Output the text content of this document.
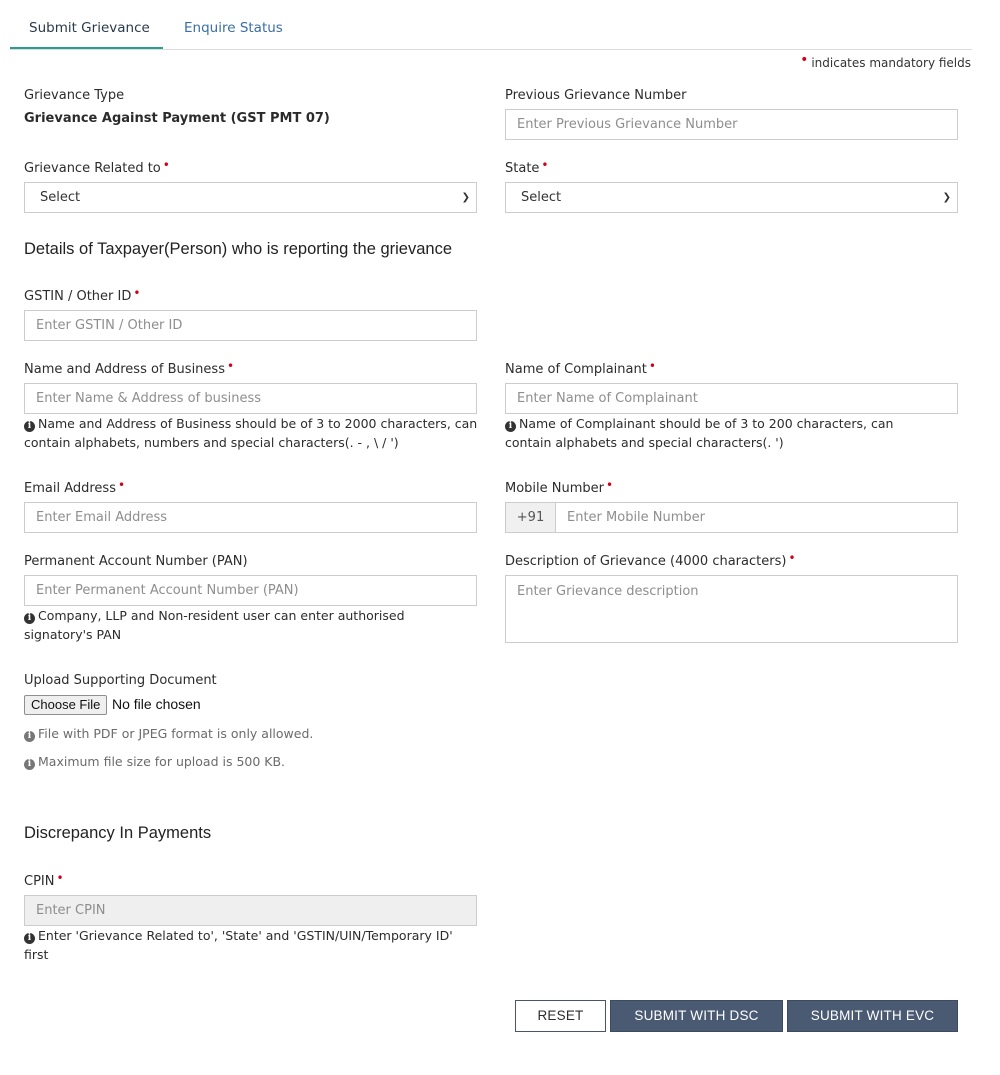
Submit Grievance	Enquire Status
• indicates mandatory fields
Grievance Type
Grievance Against Payment (GST PMT 07)
Previous Grievance Number
Enter Previous Grievance Number
Grievance Related to •
Select	❯
State •
Select	❯
Details of Taxpayer(Person) who is reporting the grievance
GSTIN / Other ID •
Enter GSTIN / Other ID
Name and Address of Business •
Enter Name & Address of business
i Name and Address of Business should be of 3 to 2000 characters, can contain alphabets, numbers and special characters(. - , \ / ')
Name of Complainant •
Enter Name of Complainant
i Name of Complainant should be of 3 to 200 characters, can contain alphabets and special characters(. ')
Email Address •
Enter Email Address	Mobile Number •
+91
Enter Mobile Number
Permanent Account Number (PAN)
Enter Permanent Account Number (PAN)
i Company, LLP and Non-resident user can enter authorised signatory's PAN
Description of Grievance (4000 characters) •
Enter Grievance description
Upload Supporting Document
Choose File No file chosen
i File with PDF or JPEG format is only allowed.
i Maximum file size for upload is 500 KB.
Discrepancy In Payments
CPIN •
Enter CPIN
i Enter 'Grievance Related to', 'State' and 'GSTIN/UIN/Temporary ID' first
RESET	SUBMIT WITH DSC	SUBMIT WITH EVC
